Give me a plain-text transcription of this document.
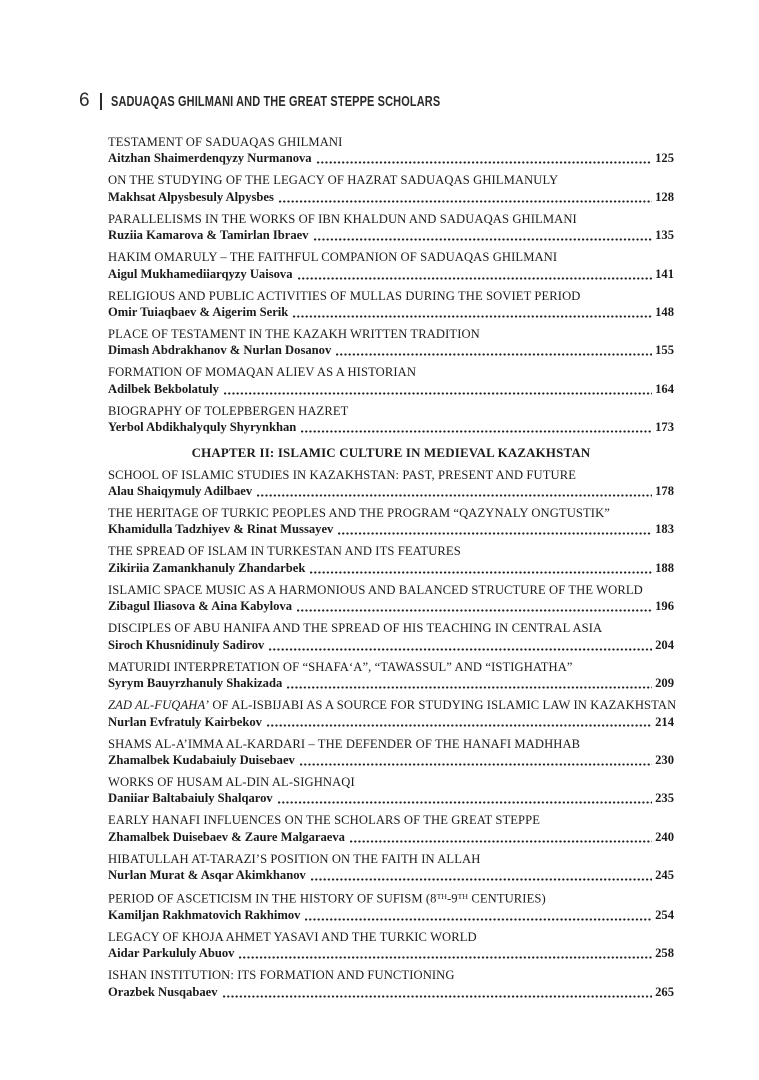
6 SADUAQAS GHILMANI AND THE GREAT STEPPE SCHOLARS
TESTAMENT OF SADUAQAS GHILMANI
Aitzhan Shaimerdenqyzy Nurmanova	125
ON THE STUDYING OF THE LEGACY OF HAZRAT SADUAQAS GHILMANULY
Makhsat Alpysbesuly Alpysbes	128
PARALLELISMS IN THE WORKS OF IBN KHALDUN AND SADUAQAS GHILMANI
Ruziia Kamarova & Tamirlan Ibraev	135
HAKIM OMARULY – THE FAITHFUL COMPANION OF SADUAQAS GHILMANI
Aigul Mukhamediiarqyzy Uaisova	141
RELIGIOUS AND PUBLIC ACTIVITIES OF MULLAS DURING THE SOVIET PERIOD
Omir Tuiaqbaev & Aigerim Serik	148
PLACE OF TESTAMENT IN THE KAZAKH WRITTEN TRADITION
Dimash Abdrakhanov & Nurlan Dosanov	155
FORMATION OF MOMAQAN ALIEV AS A HISTORIAN
Adilbek Bekbolatuly	164
BIOGRAPHY OF TOLEPBERGEN HAZRET
Yerbol Abdikhalyquly Shyrynkhan	173
CHAPTER II: ISLAMIC CULTURE IN MEDIEVAL KAZAKHSTAN
SCHOOL OF ISLAMIC STUDIES IN KAZAKHSTAN: PAST, PRESENT AND FUTURE
Alau Shaiqymuly Adilbaev	178
THE HERITAGE OF TURKIC PEOPLES AND THE PROGRAM “QAZYNALY ONGTUSTIK”
Khamidulla Tadzhiyev & Rinat Mussayev	183
THE SPREAD OF ISLAM IN TURKESTAN AND ITS FEATURES
Zikiriia Zamankhanuly Zhandarbek	188
ISLAMIC SPACE MUSIC AS A HARMONIOUS AND BALANCED STRUCTURE OF THE WORLD
Zibagul Iliasova & Aina Kabylova	196
DISCIPLES OF ABU HANIFA AND THE SPREAD OF HIS TEACHING IN CENTRAL ASIA
Siroch Khusnidinuly Sadirov	204
MATURIDI INTERPRETATION OF “SHAFA‘A”, “TAWASSUL” AND “ISTIGHATHA”
Syrym Bauyrzhanuly Shakizada	209
ZAD AL-FUQAHA’ OF AL-ISBIJABI AS A SOURCE FOR STUDYING ISLAMIC LAW IN KAZAKHSTAN
Nurlan Evfratuly Kairbekov	214
SHAMS AL-A’IMMA AL-KARDARI – THE DEFENDER OF THE HANAFI MADHHAB
Zhamalbek Kudabaiuly Duisebaev	230
WORKS OF HUSAM AL-DIN AL-SIGHNAQI
Daniiar Baltabaiuly Shalqarov	235
EARLY HANAFI INFLUENCES ON THE SCHOLARS OF THE GREAT STEPPE
Zhamalbek Duisebaev & Zaure Malgaraeva	240
HIBATULLAH AT-TARAZI’S POSITION ON THE FAITH IN ALLAH
Nurlan Murat & Asqar Akimkhanov	245
PERIOD OF ASCETICISM IN THE HISTORY OF SUFISM (8TH-9TH CENTURIES)
Kamiljan Rakhmatovich Rakhimov	254
LEGACY OF KHOJA AHMET YASAVI AND THE TURKIC WORLD
Aidar Parkululy Abuov	258
ISHAN INSTITUTION: ITS FORMATION AND FUNCTIONING
Orazbek Nusqabaev	265
